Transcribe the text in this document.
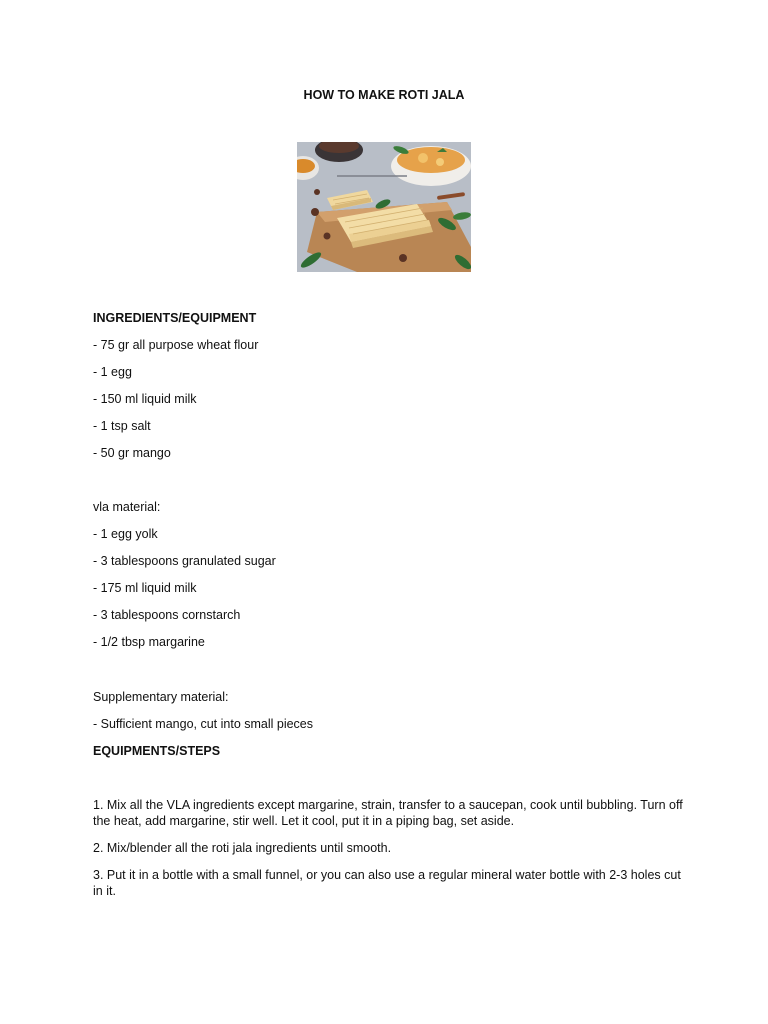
HOW TO MAKE ROTI JALA

INGREDIENTS/EQUIPMENT

- 75 gr all purpose wheat flour

- 1 egg

- 150 ml liquid milk

- 1 tsp salt

- 50 gr mango

vla material:

- 1 egg yolk

- 3 tablespoons granulated sugar

- 175 ml liquid milk

- 3 tablespoons cornstarch

- 1/2 tbsp margarine

Supplementary material:

- Sufficient mango, cut into small pieces

EQUIPMENTS/STEPS

1. Mix all the VLA ingredients except margarine, strain, transfer to a saucepan, cook until bubbling. Turn off the heat, add margarine, stir well. Let it cool, put it in a piping bag, set aside.

2. Mix/blender all the roti jala ingredients until smooth.

3. Put it in a bottle with a small funnel, or you can also use a regular mineral water bottle with 2-3 holes cut in it.
